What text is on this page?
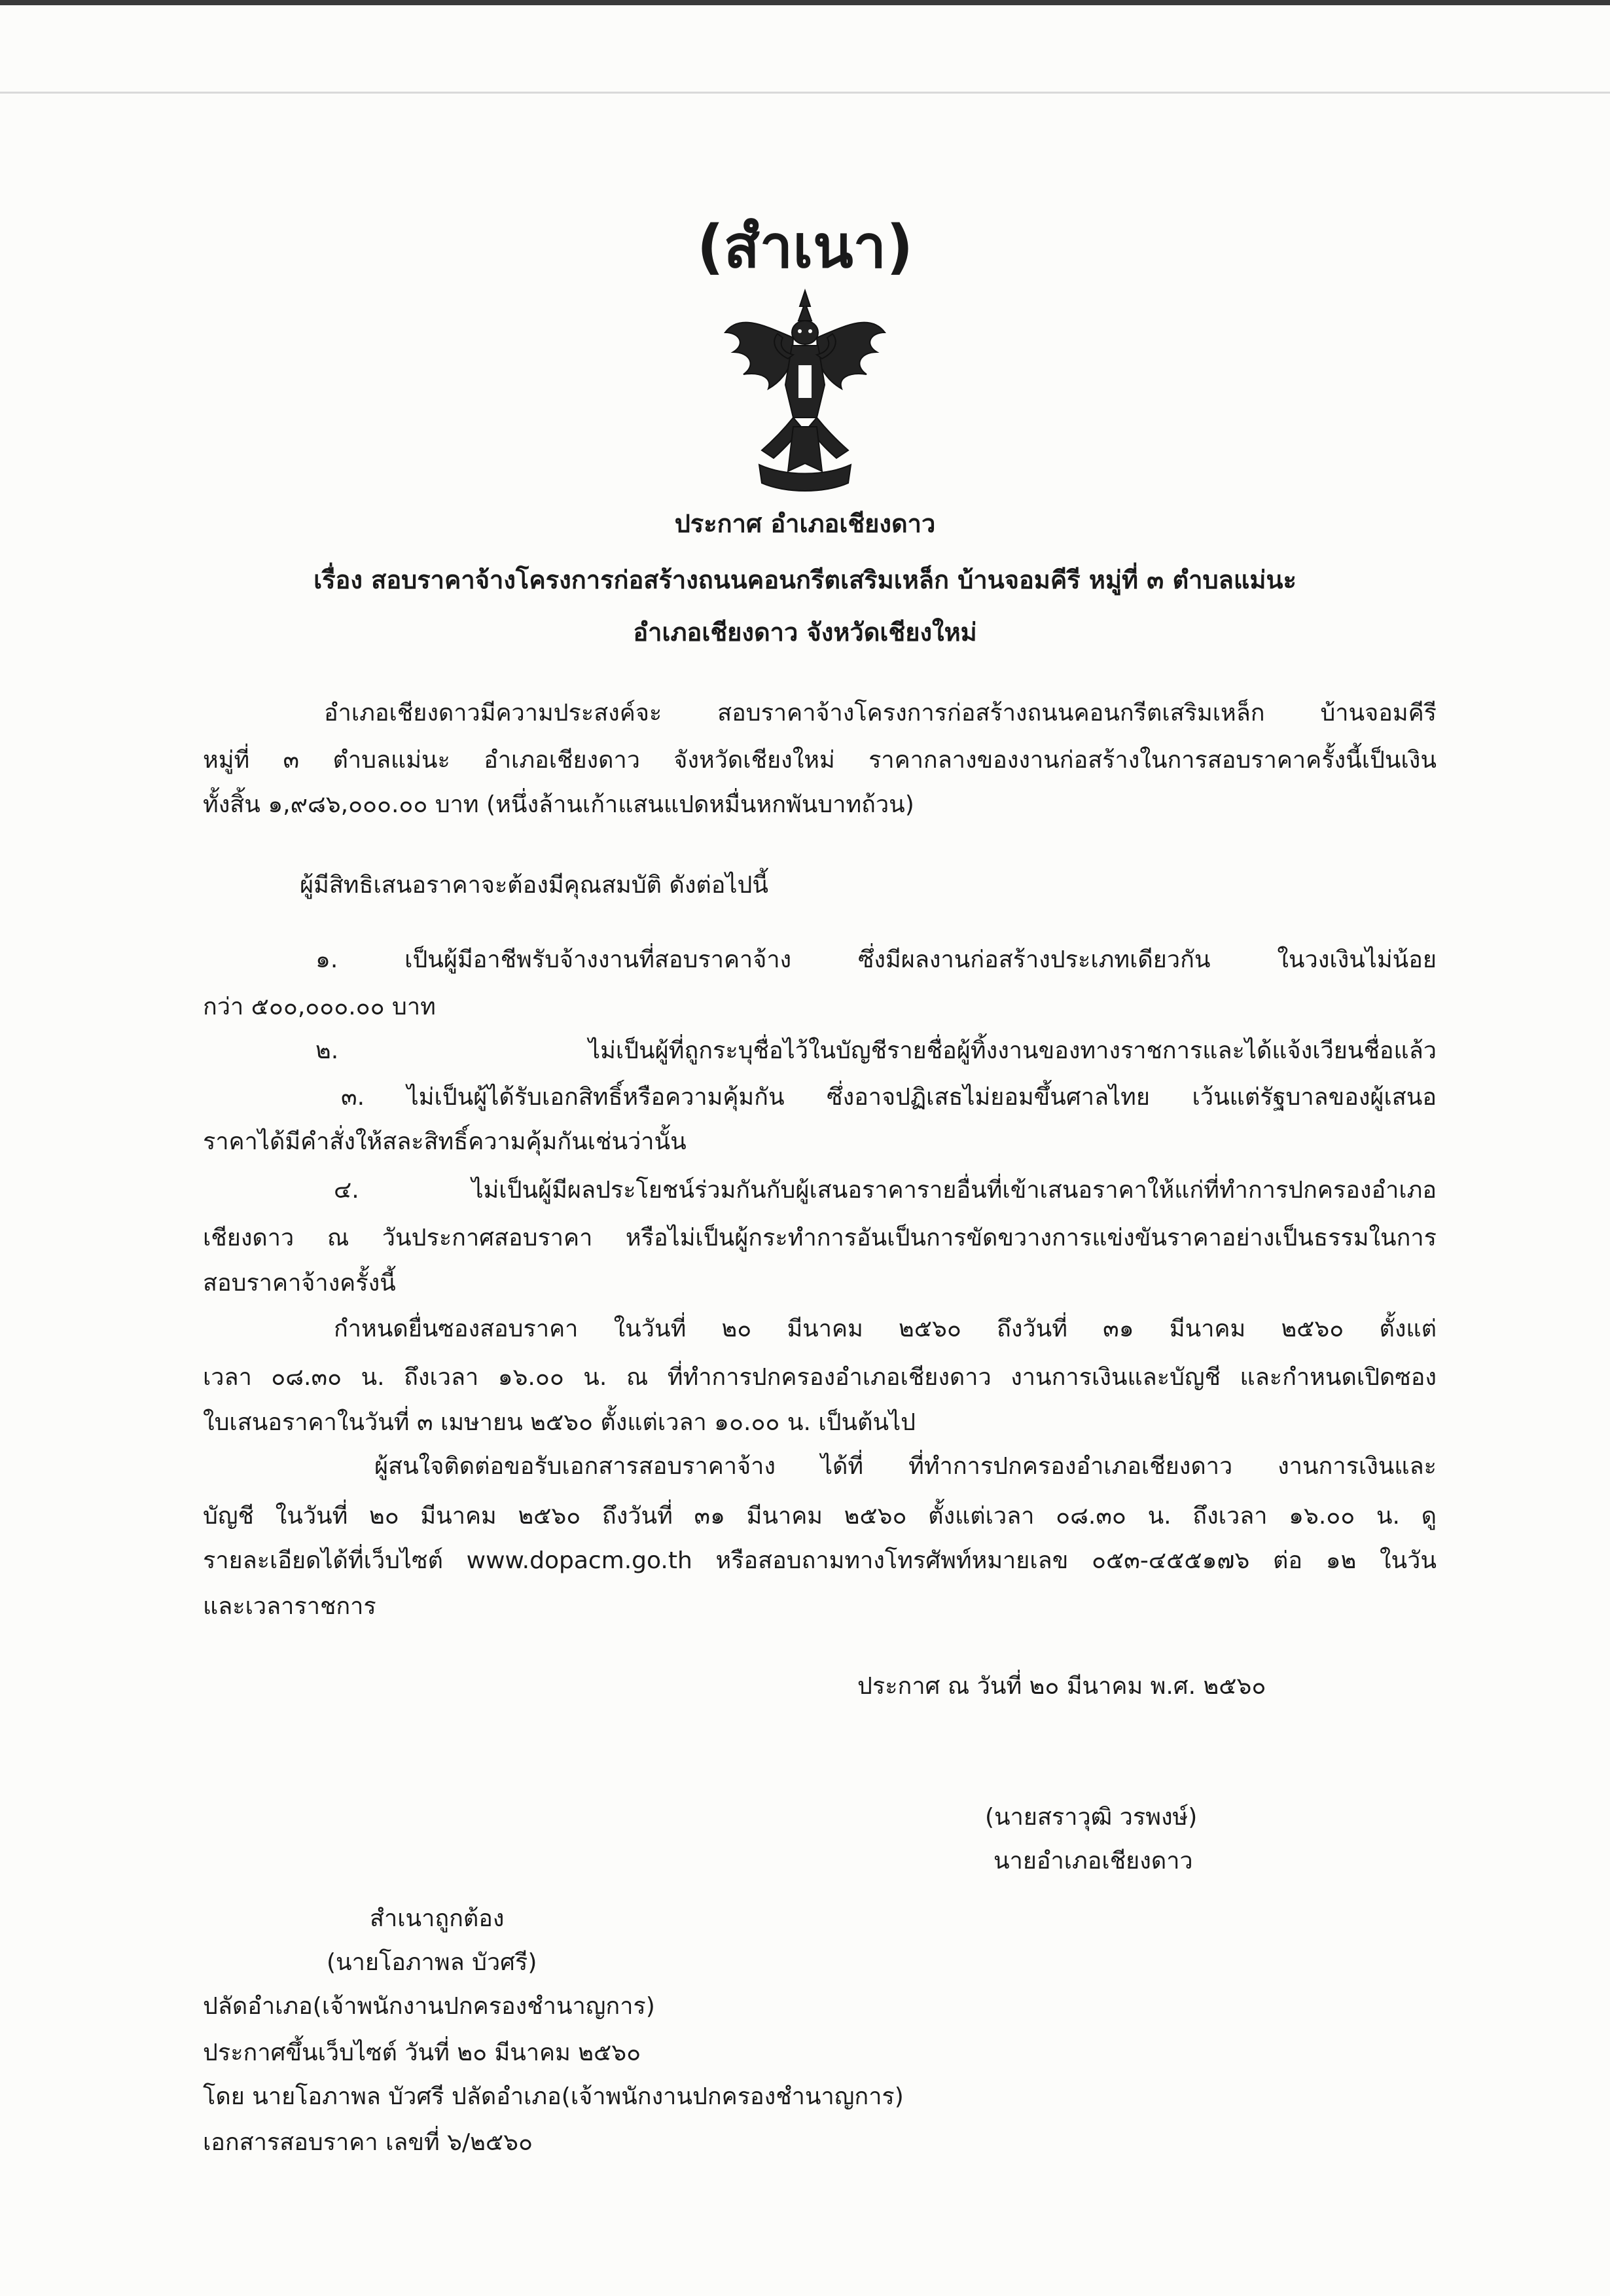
(สำเนา)
ประกาศ อำเภอเชียงดาว
เรื่อง สอบราคาจ้างโครงการก่อสร้างถนนคอนกรีตเสริมเหล็ก บ้านจอมคีรี หมู่ที่ ๓ ตำบลแม่นะ
อำเภอเชียงดาว จังหวัดเชียงใหม่
อำเภอเชียงดาวมีความประสงค์จะ สอบราคาจ้างโครงการก่อสร้างถนนคอนกรีตเสริมเหล็ก บ้านจอมคีรี
หมู่ที่ ๓ ตำบลแม่นะ อำเภอเชียงดาว จังหวัดเชียงใหม่ ราคากลางของงานก่อสร้างในการสอบราคาครั้งนี้เป็นเงิน
ทั้งสิ้น ๑,๙๘๖,๐๐๐.๐๐ บาท (หนึ่งล้านเก้าแสนแปดหมื่นหกพันบาทถ้วน)
ผู้มีสิทธิเสนอราคาจะต้องมีคุณสมบัติ ดังต่อไปนี้
๑. เป็นผู้มีอาชีพรับจ้างงานที่สอบราคาจ้าง ซึ่งมีผลงานก่อสร้างประเภทเดียวกัน ในวงเงินไม่น้อย
กว่า ๕๐๐,๐๐๐.๐๐ บาท
๒. ไม่เป็นผู้ที่ถูกระบุชื่อไว้ในบัญชีรายชื่อผู้ทิ้งงานของทางราชการและได้แจ้งเวียนชื่อแล้ว
๓. ไม่เป็นผู้ได้รับเอกสิทธิ์หรือความคุ้มกัน ซึ่งอาจปฏิเสธไม่ยอมขึ้นศาลไทย เว้นแต่รัฐบาลของผู้เสนอ
ราคาได้มีคำสั่งให้สละสิทธิ์ความคุ้มกันเช่นว่านั้น
๔. ไม่เป็นผู้มีผลประโยชน์ร่วมกันกับผู้เสนอราคารายอื่นที่เข้าเสนอราคาให้แก่ที่ทำการปกครองอำเภอ
เชียงดาว ณ วันประกาศสอบราคา หรือไม่เป็นผู้กระทำการอันเป็นการขัดขวางการแข่งขันราคาอย่างเป็นธรรมในการ
สอบราคาจ้างครั้งนี้
กำหนดยื่นซองสอบราคา ในวันที่ ๒๐ มีนาคม ๒๕๖๐ ถึงวันที่ ๓๑ มีนาคม ๒๕๖๐ ตั้งแต่
เวลา ๐๘.๓๐ น. ถึงเวลา ๑๖.๐๐ น. ณ ที่ทำการปกครองอำเภอเชียงดาว งานการเงินและบัญชี และกำหนดเปิดซอง
ใบเสนอราคาในวันที่ ๓ เมษายน ๒๕๖๐ ตั้งแต่เวลา ๑๐.๐๐ น. เป็นต้นไป
ผู้สนใจติดต่อขอรับเอกสารสอบราคาจ้าง ได้ที่ ที่ทำการปกครองอำเภอเชียงดาว งานการเงินและ
บัญชี ในวันที่ ๒๐ มีนาคม ๒๕๖๐ ถึงวันที่ ๓๑ มีนาคม ๒๕๖๐ ตั้งแต่เวลา ๐๘.๓๐ น. ถึงเวลา ๑๖.๐๐ น. ดู
รายละเอียดได้ที่เว็บไซต์ www.dopacm.go.th หรือสอบถามทางโทรศัพท์หมายเลข ๐๕๓-๔๕๕๑๗๖ ต่อ ๑๒ ในวัน
และเวลาราชการ
ประกาศ ณ วันที่ ๒๐ มีนาคม พ.ศ. ๒๕๖๐
(นายสราวุฒิ วรพงษ์)
นายอำเภอเชียงดาว
สำเนาถูกต้อง
(นายโอภาพล บัวศรี)
ปลัดอำเภอ(เจ้าพนักงานปกครองชำนาญการ)
ประกาศขึ้นเว็บไซต์ วันที่ ๒๐ มีนาคม ๒๕๖๐
โดย นายโอภาพล บัวศรี ปลัดอำเภอ(เจ้าพนักงานปกครองชำนาญการ)
เอกสารสอบราคา เลขที่ ๖/๒๕๖๐
